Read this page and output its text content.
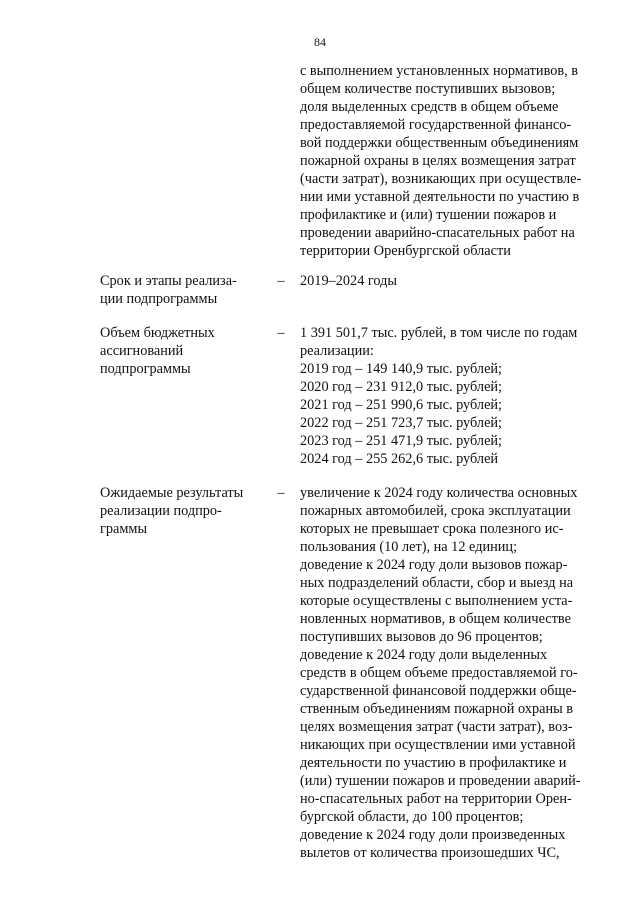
84
с выполнением установленных нормативов, в
общем количестве поступивших вызовов;
доля выделенных средств в общем объеме
предоставляемой государственной финансо-
вой поддержки общественным объединениям
пожарной охраны в целях возмещения затрат
(части затрат), возникающих при осуществле-
нии ими уставной деятельности по участию в
профилактике и (или) тушении пожаров и
проведении аварийно-спасательных работ на
территории Оренбургской области
Срок и этапы реализа-
ции подпрограммы
– 2019–2024 годы
Объем бюджетных
ассигнований
подпрограммы
– 1 391 501,7 тыс. рублей, в том числе по годам
реализации:
2019 год – 149 140,9 тыс. рублей;
2020 год – 231 912,0 тыс. рублей;
2021 год – 251 990,6 тыс. рублей;
2022 год – 251 723,7 тыс. рублей;
2023 год – 251 471,9 тыс. рублей;
2024 год – 255 262,6 тыс. рублей
Ожидаемые результаты
реализации подпро-
граммы
– увеличение к 2024 году количества основных
пожарных автомобилей, срока эксплуатации
которых не превышает срока полезного ис-
пользования (10 лет), на 12 единиц;
доведение к 2024 году доли вызовов пожар-
ных подразделений области, сбор и выезд на
которые осуществлены с выполнением уста-
новленных нормативов, в общем количестве
поступивших вызовов до 96 процентов;
доведение к 2024 году доли выделенных
средств в общем объеме предоставляемой го-
сударственной финансовой поддержки обще-
ственным объединениям пожарной охраны в
целях возмещения затрат (части затрат), воз-
никающих при осуществлении ими уставной
деятельности по участию в профилактике и
(или) тушении пожаров и проведении аварий-
но-спасательных работ на территории Орен-
бургской области, до 100 процентов;
доведение к 2024 году доли произведенных
вылетов от количества произошедших ЧС,
